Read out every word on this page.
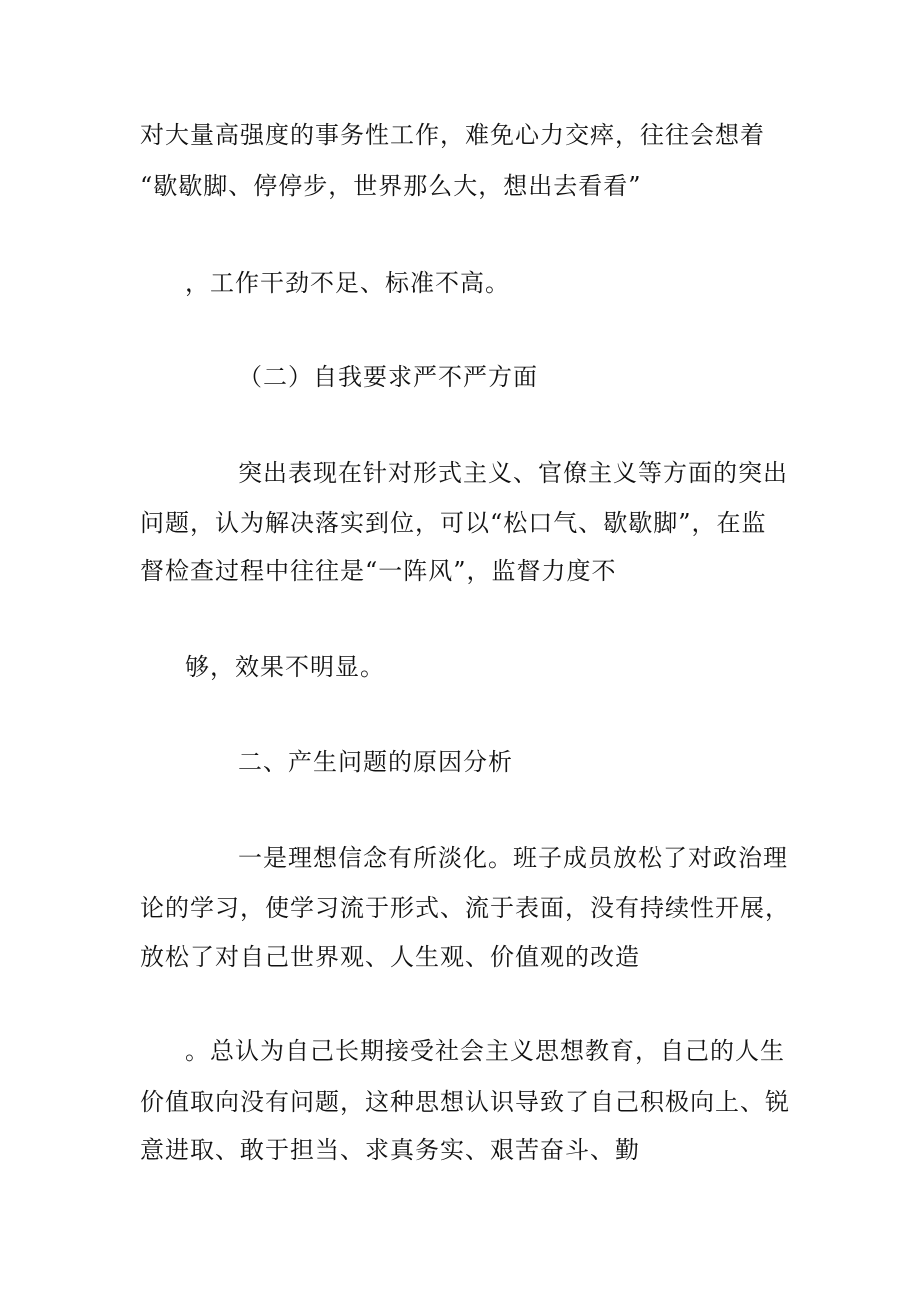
对大量高强度的事务性工作，难免心力交瘁，往往会想着
“歇歇脚、停停步，世界那么大，想出去看看”
，工作干劲不足、标准不高。
（二）自我要求严不严方面
突出表现在针对形式主义、官僚主义等方面的突出
问题，认为解决落实到位，可以“松口气、歇歇脚”，在监
督检查过程中往往是“一阵风”，监督力度不
够，效果不明显。
二、产生问题的原因分析
一是理想信念有所淡化。班子成员放松了对政治理
论的学习，使学习流于形式、流于表面，没有持续性开展，
放松了对自己世界观、人生观、价值观的改造
。总认为自己长期接受社会主义思想教育，自己的人生
价值取向没有问题，这种思想认识导致了自己积极向上、锐
意进取、敢于担当、求真务实、艰苦奋斗、勤
